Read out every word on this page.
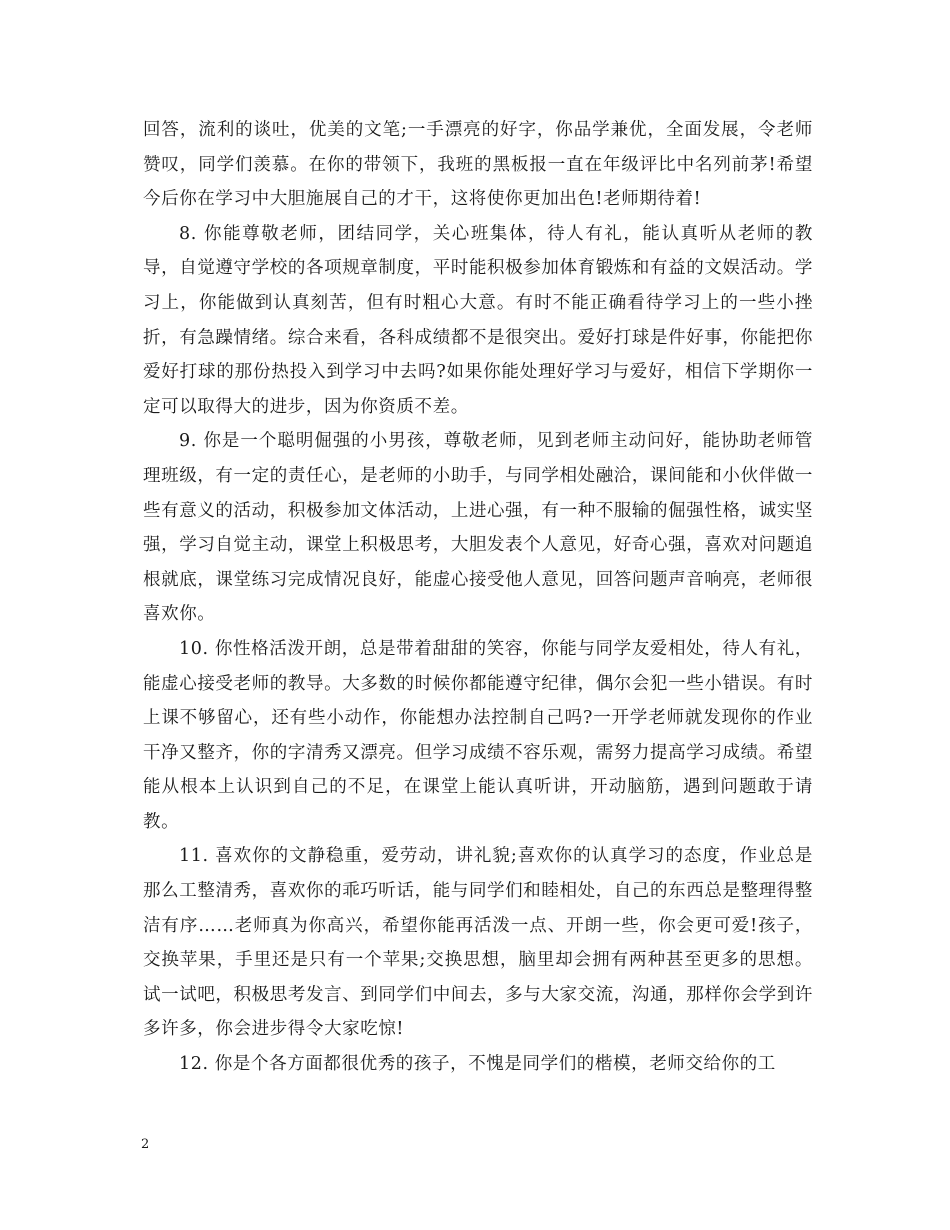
回答，流利的谈吐，优美的文笔;一手漂亮的好字，你品学兼优，全面发展，令老师赞叹，同学们羡慕。在你的带领下，我班的黑板报一直在年级评比中名列前茅!希望今后你在学习中大胆施展自己的才干，这将使你更加出色!老师期待着!

8. 你能尊敬老师，团结同学，关心班集体，待人有礼，能认真听从老师的教导，自觉遵守学校的各项规章制度，平时能积极参加体育锻炼和有益的文娱活动。学习上，你能做到认真刻苦，但有时粗心大意。有时不能正确看待学习上的一些小挫折，有急躁情绪。综合来看，各科成绩都不是很突出。爱好打球是件好事，你能把你爱好打球的那份热投入到学习中去吗?如果你能处理好学习与爱好，相信下学期你一定可以取得大的进步，因为你资质不差。

9. 你是一个聪明倔强的小男孩，尊敬老师，见到老师主动问好，能协助老师管理班级，有一定的责任心，是老师的小助手，与同学相处融洽，课间能和小伙伴做一些有意义的活动，积极参加文体活动，上进心强，有一种不服输的倔强性格，诚实坚强，学习自觉主动，课堂上积极思考，大胆发表个人意见，好奇心强，喜欢对问题追根就底，课堂练习完成情况良好，能虚心接受他人意见，回答问题声音响亮，老师很喜欢你。

10. 你性格活泼开朗，总是带着甜甜的笑容，你能与同学友爱相处，待人有礼，能虚心接受老师的教导。大多数的时候你都能遵守纪律，偶尔会犯一些小错误。有时上课不够留心，还有些小动作，你能想办法控制自己吗?一开学老师就发现你的作业干净又整齐，你的字清秀又漂亮。但学习成绩不容乐观，需努力提高学习成绩。希望能从根本上认识到自己的不足，在课堂上能认真听讲，开动脑筋，遇到问题敢于请教。

11. 喜欢你的文静稳重，爱劳动，讲礼貌;喜欢你的认真学习的态度，作业总是那么工整清秀，喜欢你的乖巧听话，能与同学们和睦相处，自己的东西总是整理得整洁有序……老师真为你高兴，希望你能再活泼一点、开朗一些，你会更可爱!孩子，交换苹果，手里还是只有一个苹果;交换思想，脑里却会拥有两种甚至更多的思想。试一试吧，积极思考发言、到同学们中间去，多与大家交流，沟通，那样你会学到许多许多，你会进步得令大家吃惊!

12. 你是个各方面都很优秀的孩子，不愧是同学们的楷模，老师交给你的工

2
